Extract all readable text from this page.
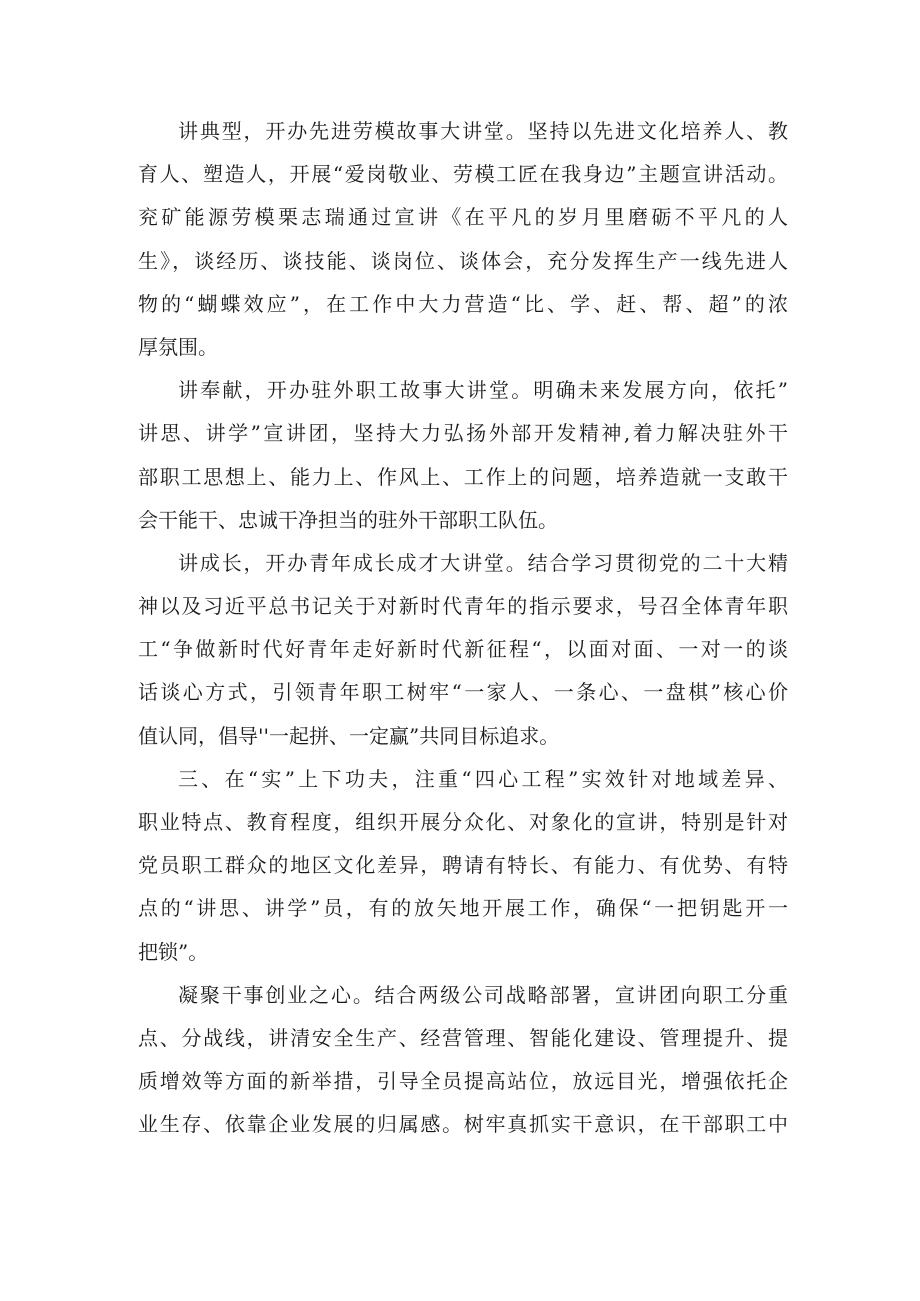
讲典型，开办先进劳模故事大讲堂。坚持以先进文化培养人、教
育人、塑造人，开展“爱岗敬业、劳模工匠在我身边”主题宣讲活动。
兖矿能源劳模栗志瑞通过宣讲《在平凡的岁月里磨砺不平凡的人
生》，谈经历、谈技能、谈岗位、谈体会，充分发挥生产一线先进人
物的“蝴蝶效应”，在工作中大力营造“比、学、赶、帮、超”的浓
厚氛围。

讲奉献，开办驻外职工故事大讲堂。明确未来发展方向，依托”
讲思、讲学”宣讲团，坚持大力弘扬外部开发精神,着力解决驻外干
部职工思想上、能力上、作风上、工作上的问题，培养造就一支敢干
会干能干、忠诚干净担当的驻外干部职工队伍。

讲成长，开办青年成长成才大讲堂。结合学习贯彻党的二十大精
神以及习近平总书记关于对新时代青年的指示要求，号召全体青年职
工“争做新时代好青年走好新时代新征程“，以面对面、一对一的谈
话谈心方式，引领青年职工树牢“一家人、一条心、一盘棋”核心价
值认同，倡导''一起拼、一定赢”共同目标追求。

三、在“实”上下功夫，注重“四心工程”实效针对地域差异、
职业特点、教育程度，组织开展分众化、对象化的宣讲，特别是针对
党员职工群众的地区文化差异，聘请有特长、有能力、有优势、有特
点的“讲思、讲学”员，有的放矢地开展工作，确保“一把钥匙开一
把锁”。

凝聚干事创业之心。结合两级公司战略部署，宣讲团向职工分重
点、分战线，讲清安全生产、经营管理、智能化建设、管理提升、提
质增效等方面的新举措，引导全员提高站位，放远目光，增强依托企
业生存、依靠企业发展的归属感。树牢真抓实干意识，在干部职工中
